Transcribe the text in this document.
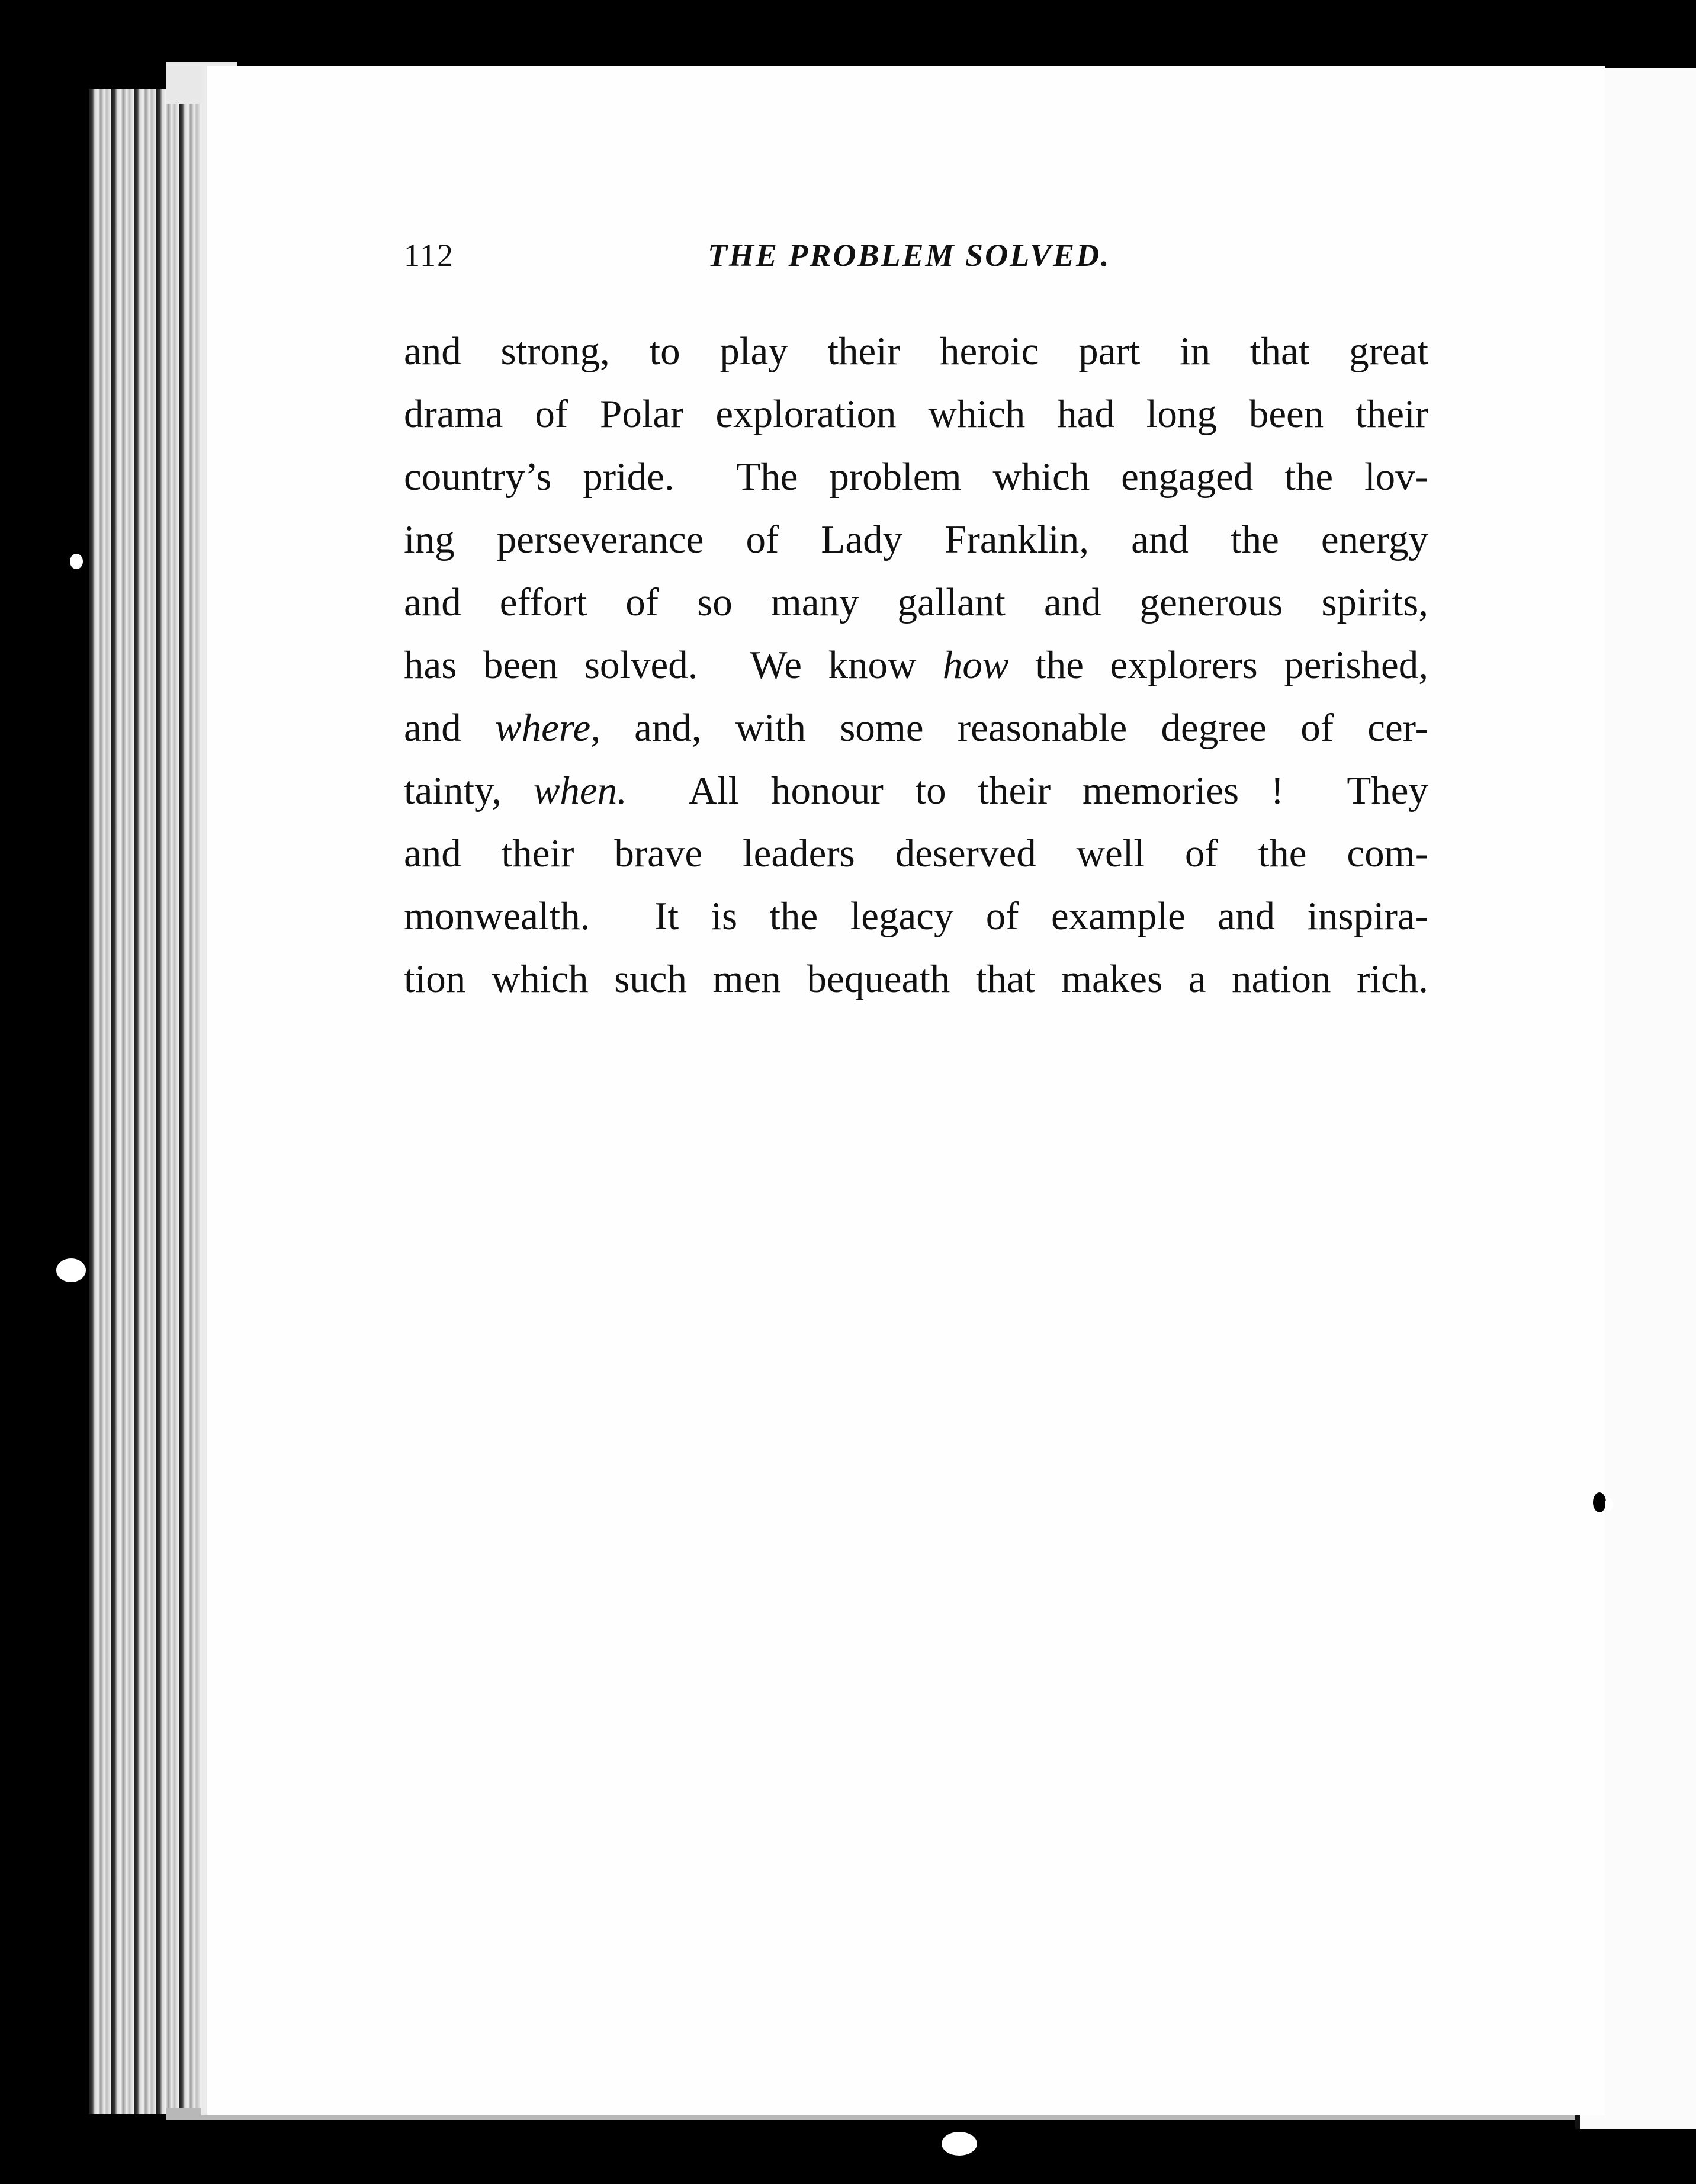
112	THE PROBLEM SOLVED.
and strong, to play their heroic part in that great
drama of Polar exploration which had long been their
country’s pride.  The problem which engaged the lov-
ing perseverance of Lady Franklin, and the energy
and effort of so many gallant and generous spirits,
has been solved.  We know how the explorers perished,
and where, and, with some reasonable degree of cer-
tainty, when.  All honour to their memories !  They
and their brave leaders deserved well of the com-
monwealth.  It is the legacy of example and inspira-
tion which such men bequeath that makes a nation rich.
